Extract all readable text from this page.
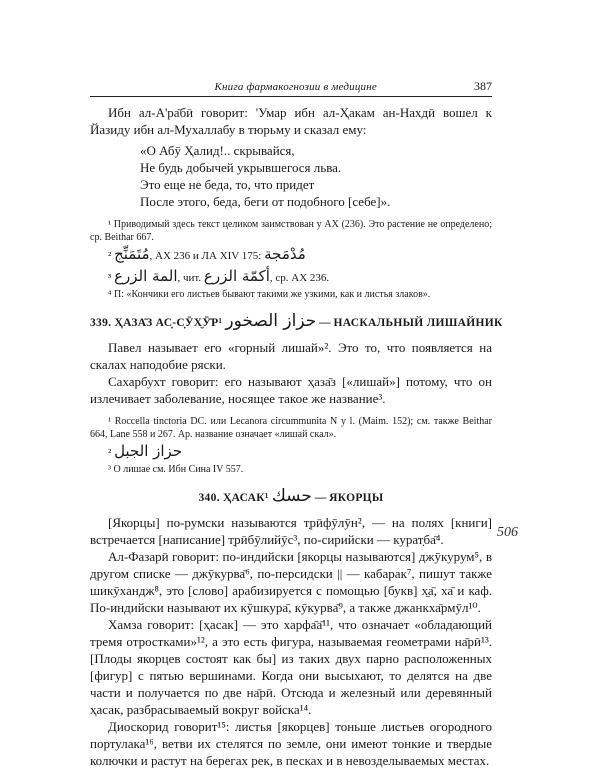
Книга фармакогнозии в медицине	387

Ибн ал-А'ра̄бӣ говорит: 'Умар ибн ал-Ҳакам ан-Нахдӣ вошел к Йазиду ибн ал-Мухаллабу в тюрьму и сказал ему:

«О Абӯ Ҳалид!.. скрывайся,
Не будь добычей укрывшегося льва.
Это еще не беда, то, что придет
После этого, беда, беги от подобного [себе]».

¹ Приводимый здесь текст целиком заимствован у АХ (236). Это растение не определено; ср. Beithar 667.

² مُتَمَنِّج, АХ 236 и ЛА XIV 175: مُدْمَجة
³ المة الزرع, чит. أكمّة الزرع, ср. АХ 236.

⁴ П: «Кончики его листьев бывают такими же узкими, как и листья злаков».

339. ҲАЗА̄З АС̣-С̣ӮХ̮Ӯ̄Р¹ حزاز الصخور — НАСКАЛЬНЫЙ ЛИШАЙНИК

Павел называет его «горный лишай»². Это то, что появляется на скалах наподобие ряски.

Сахарбухт говорит: его называют ҳаза̄з [«лишай»] потому, что он излечивает заболевание, носящее такое же название³.

¹ Roccella tinctoria DC. или Lecanora circummunita N y l. (Maim. 152); см. также Beithar 664, Lane 558 и 267. Ар. название означает «лишай скал».

² حزاز الجبل

³ О лишае см. Ибн Сина IV 557.

340. ҲАСАК¹ حسك — ЯКОРЦЫ

[Якорцы] по-румски называются т̣рӣфӯлӯн², — на полях [книги] встречается [написание] т̣рӣбӯлийӯс³, по-сирийски — курат̣ба̄⁴.

Ал-Фазарӣ говорит: по-индийски [якорцы называются] джӯкурум⁵, в другом списке — джӯкурва̄⁶, по-персидски || — кабарак⁷, пишут также шикӯхандж⁸, это [слово] арабизируется с помощью [букв] х̱а̄, ха̄ и каф. По-индийски называют их кӯшкура̄, кӯкурва̄⁹, а также джанкха̄рмӯл¹⁰.

Хамза говорит: [ҳасак] — это харфа̄а̄¹¹, что означает «обладающий тремя отростками»¹², а это есть фигура, называемая геометрами на̄рӣ¹³. [Плоды якорцев состоят как бы] из таких двух парно расположенных [фигур] с пятью вершинами. Когда они высыхают, то делятся на две части и получается по две на̄рӣ. Отсюда и железный или деревянный ҳасак, разбрасываемый вокруг войска¹⁴.

Диоскорид говорит¹⁵: листья [якорцев] тоньше листьев огородного портулака¹⁶, ветви их стелятся по земле, они имеют тонкие и твердые колючки и растут на берегах рек, в песках и в невозделываемых местах.

506
